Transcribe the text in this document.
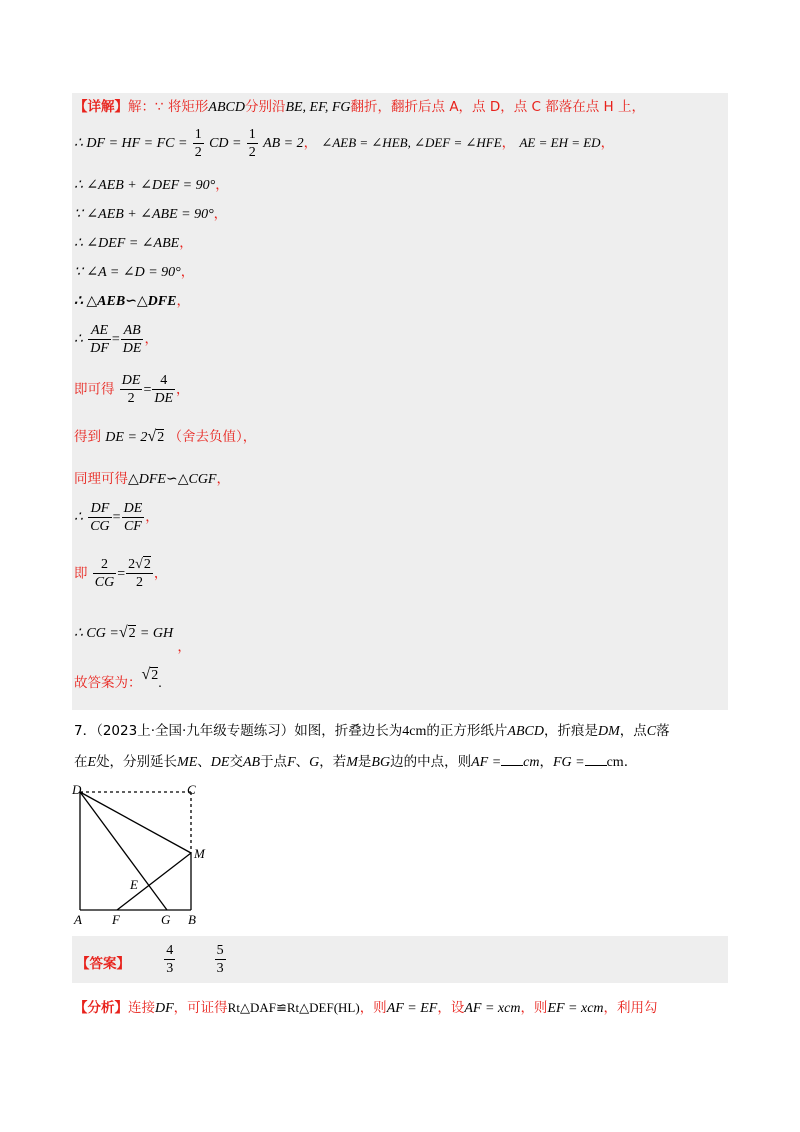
【详解】解：∵ 将矩形ABCD分别沿BE, EF, FG翻折，翻折后点 A，点 D，点 C 都落在点 H 上，
∴ DF = HF = FC = $\frac{1}{2}$ CD = $\frac{1}{2}$ AB = 2， ∠AEB = ∠HEB, ∠DEF = ∠HFE， AE = EH = ED，
∴ ∠AEB + ∠DEF = 90°，
∵ ∠AEB + ∠ABE = 90°，
∴ ∠DEF = ∠ABE，
∵ ∠A = ∠D = 90°，
∴ △AEB∽△DFE，
∴ $\frac{AE}{DF} = \frac{AB}{DE}$ ，
即可得 $\frac{DE}{2} = \frac{4}{DE}$ ，
得到 DE = 2√2 （舍去负值），
同理可得△DFE∽△CGF，
∴ $\frac{DF}{CG} = \frac{DE}{CF}$ ，
即 $\frac{2}{CG} = \frac{2√2}{2}$ ，
∴ CG =√2 = GH ，
故答案为：√2.
7．（2023上·全国·九年级专题练习）如图，折叠边长为4cm的正方形纸片ABCD，折痕是DM，点C落
在E处，分别延长ME、DE交AB于点F、G，若M是BG边的中点，则AF = cm，FG = cm.
D	C
M
E
A F	G B
【答案】 $\frac{4}{3}$
	$\frac{5}{3}$
【分析】连接DF，可证得Rt△DAF≌Rt△DEF(HL)，则AF = EF，设AF = xcm，则EF = xcm，利用勾
